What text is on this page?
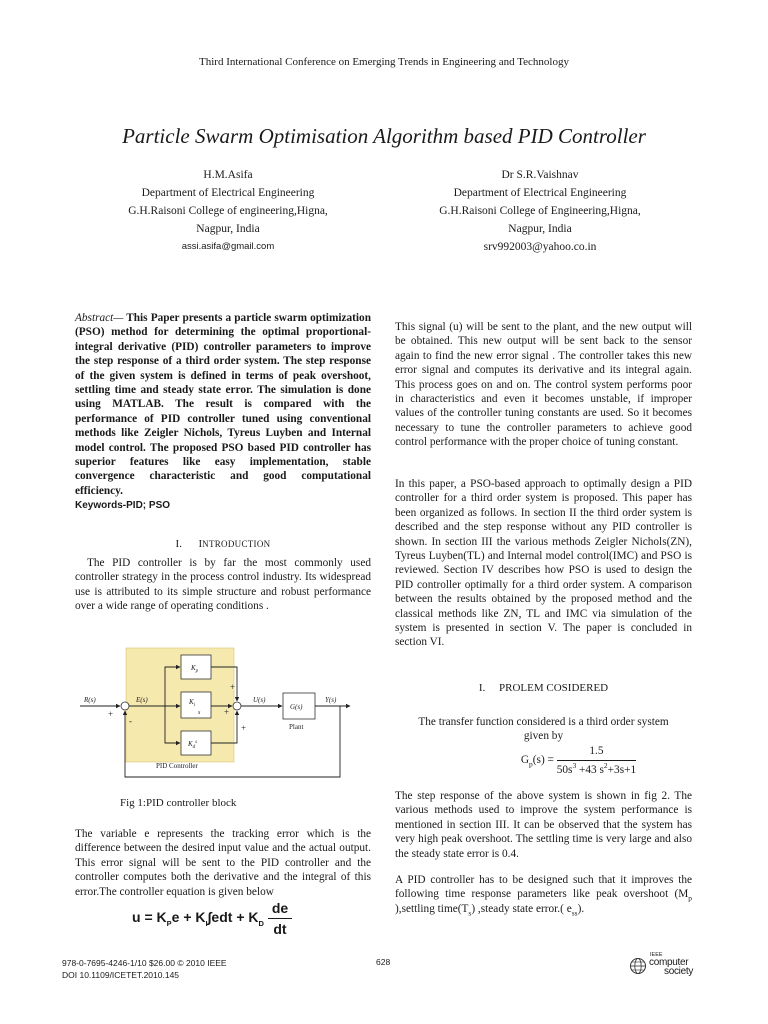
Third International Conference on Emerging Trends in Engineering and Technology
Particle Swarm Optimisation Algorithm based PID Controller
H.M.Asifa
Department of Electrical Engineering
G.H.Raisoni College of engineering,Higna,
Nagpur, India
assi.asifa@gmail.com
Dr S.R.Vaishnav
Department of Electrical Engineering
G.H.Raisoni College of Engineering,Higna,
Nagpur, India
srv992003@yahoo.co.in
Abstract— This Paper presents a particle swarm optimization (PSO) method for determining the optimal proportional-integral derivative (PID) controller parameters to improve the step response of a third order system. The step response of the given system is defined in terms of peak overshoot, settling time and steady state error. The simulation is done using MATLAB. The result is compared with the performance of PID controller tuned using conventional methods like Zeigler Nichols, Tyreus Luyben and Internal model control. The proposed PSO based PID controller has superior features like easy implementation, stable convergence characteristic and good computational efficiency.
Keywords-PID; PSO
I. INTRODUCTION

The PID controller is by far the most commonly used controller strategy in the process control industry. Its widespread use is attributed to its simple structure and robust performance over a wide range of operating conditions .

R(s)	E(s)	U(s)	Y(s)
$K_p$
$K_i$
s
$K_d^s$
G(s)
Plant
PID Controller
+
-
+
+
+
Fig 1:PID controller block

The variable e represents the tracking error which is the difference between the desired input value and the actual output. This error signal will be sent to the PID controller and the controller computes both the derivative and the integral of this error.The controller equation is given below

$u = K_Pe + K_I\int edt + K_D \frac{de}{dt}$

This signal (u) will be sent to the plant, and the new output will be obtained. This new output will be sent back to the sensor again to find the new error signal . The controller takes this new error signal and computes its derivative and its integral again. This process goes on and on. The control system performs poor in characteristics and even it becomes unstable, if improper values of the controller tuning constants are used. So it becomes necessary to tune the controller parameters to achieve good control performance with the proper choice of tuning constant.

In this paper, a PSO-based approach to optimally design a PID controller for a third order system is proposed. This paper has been organized as follows. In section II the third order system is described and the step response without any PID controller is shown. In section III the various methods Zeigler Nichols(ZN), Tyreus Luyben(TL) and Internal model control(IMC) and PSO is reviewed. Section IV describes how PSO is used to design the PID controller optimally for a third order system. A comparison between the results obtained by the proposed method and the classical methods like ZN, TL and IMC via simulation of the system is presented in section V. The paper is concluded in section VI.

I. PROLEM COSIDERED
The transfer function considered is a third order system
given by
$G_p(s) = \frac{1.5}{50s^3 +43 s^2+3s+1}$

The step response of the above system is shown in fig 2. The various methods used to improve the system performance is mentioned in section III. It can be observed that the system has very high peak overshoot. The settling time is very large and also the steady state error is 0.4.

A PID controller has to be designed such that it improves the following time response parameters like peak overshoot ($M_p$ ),settling $time(T_s)$ ,steady state error.( $e_{ss}$).

978-0-7695-4246-1/10 $26.00 © 2010 IEEE
DOI 10.1109/ICETET.2010.145
628
IEEE
computer
society
